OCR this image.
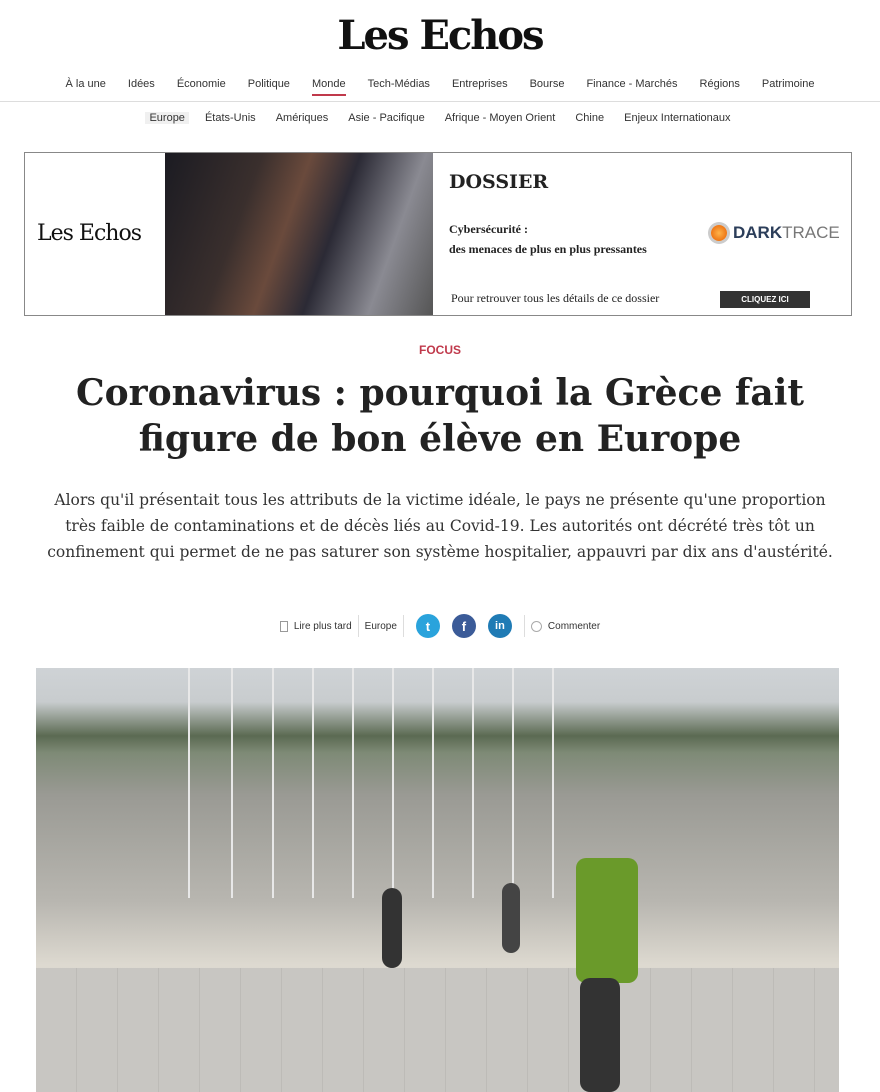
Les Echos
À la une	Idées	Économie	Politique	Monde	Tech-Médias	Entreprises	Bourse	Finance - Marchés	Régions	Patrimoine
Europe	États-Unis	Amériques	Asie - Pacifique	Afrique - Moyen Orient	Chine	Enjeux Internationaux
Les Echos
DOSSIER
Cybersécurité :
des menaces de plus en plus pressantes
DARKTRACE
Pour retrouver tous les détails de ce dossier	CLIQUEZ ICI
FOCUS
Coronavirus : pourquoi la Grèce fait figure de bon élève en Europe

Alors qu'il présentait tous les attributs de la victime idéale, le pays ne présente qu'une proportion très faible de contaminations et de décès liés au Covid-19. Les autorités ont décrété très tôt un confinement qui permet de ne pas saturer son système hospitalier, appauvri par dix ans d'austérité.

Lire plus tard Europe	t	f	in	Commenter
